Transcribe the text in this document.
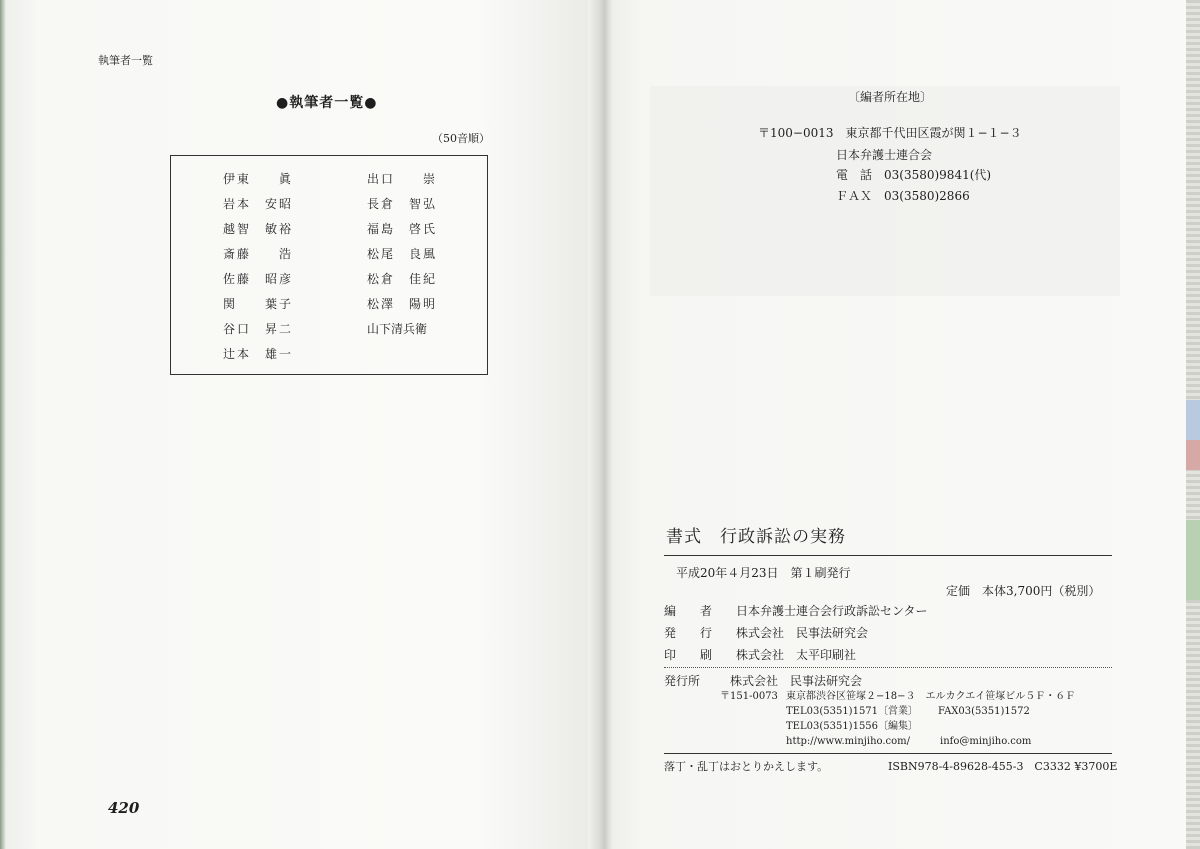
執筆者一覧
●執筆者一覧●
（50音順）
伊東　　眞
岩本　安昭
越智　敏裕
斎藤　　浩
佐藤　昭彦
関　　葉子
谷口　昇二
辻本　雄一
出口　　崇
長倉　智弘
福島　啓氏
松尾　良風
松倉　佳紀
松澤　陽明
山下清兵衛
420
〔編者所在地〕
〒100−0013　東京都千代田区霞が関１−１−３
日本弁護士連合会
電　話　03(3580)9841(代)
ＦＡＸ　03(3580)2866
書式　行政訴訟の実務
平成20年４月23日　第１刷発行
定価　本体3,700円（税別）
編　　者 日本弁護士連合会行政訴訟センター
発　　行 株式会社　民事法研究会
印　　刷 株式会社　太平印刷社
発行所 株式会社　民事法研究会
〒151-0073 東京都渋谷区笹塚２−18−３　エルカクエイ笹塚ビル５Ｆ・６Ｆ
TEL03(5351)1571〔営業〕 FAX03(5351)1572
TEL03(5351)1556〔編集〕
http://www.minjiho.com/	info@minjiho.com
落丁・乱丁はおとりかえします。	ISBN978-4-89628-455-3　C3332 ¥3700E
